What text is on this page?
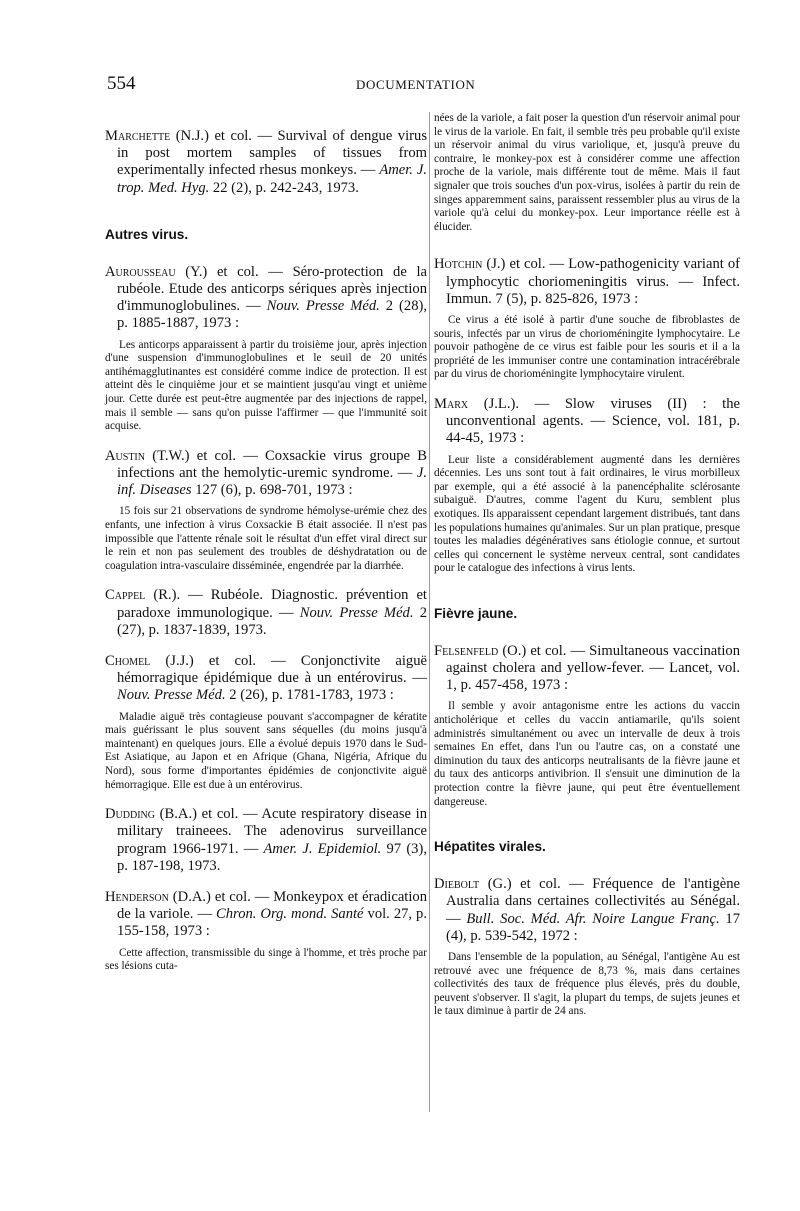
554	DOCUMENTATION

Marchette (N.J.) et col. — Survival of dengue virus in post mortem samples of tissues from experimentally infected rhesus monkeys. — Amer. J. trop. Med. Hyg. 22 (2), p. 242-243, 1973.

Autres virus.

Aurousseau (Y.) et col. — Séro-protection de la rubéole. Etude des anticorps sériques après injection d'immunoglobulines. — Nouv. Presse Méd. 2 (28), p. 1885-1887, 1973 :

Les anticorps apparaissent à partir du troisième jour, après injection d'une suspension d'immunoglobulines et le seuil de 20 unités antihémagglutinantes est considéré comme indice de protection. Il est atteint dès le cinquième jour et se maintient jusqu'au vingt et unième jour. Cette durée est peut-être augmentée par des injections de rappel, mais il semble — sans qu'on puisse l'affirmer — que l'immunité soit acquise.

Austin (T.W.) et col. — Coxsackie virus groupe B infections ant the hemolytic-uremic syndrome. — J. inf. Diseases 127 (6), p. 698-701, 1973 :

15 fois sur 21 observations de syndrome hémolyse-urémie chez des enfants, une infection à virus Coxsackie B était associée. Il n'est pas impossible que l'attente rénale soit le résultat d'un effet viral direct sur le rein et non pas seulement des troubles de déshydratation ou de coagulation intra-vasculaire disséminée, engendrée par la diarrhée.

Cappel (R.). — Rubéole. Diagnostic. prévention et paradoxe immunologique. — Nouv. Presse Méd. 2 (27), p. 1837-1839, 1973.

Chomel (J.J.) et col. — Conjonctivite aiguë hémorragique épidémique due à un entérovirus. — Nouv. Presse Méd. 2 (26), p. 1781-1783, 1973 :

Maladie aiguë très contagieuse pouvant s'accompagner de kératite mais guérissant le plus souvent sans séquelles (du moins jusqu'à maintenant) en quelques jours. Elle a évolué depuis 1970 dans le Sud-Est Asiatique, au Japon et en Afrique (Ghana, Nigéria, Afrique du Nord), sous forme d'importantes épidémies de conjonctivite aiguë hémorragique. Elle est due à un entérovirus.

Dudding (B.A.) et col. — Acute respiratory disease in military traineees. The adenovirus surveillance program 1966-1971. — Amer. J. Epidemiol. 97 (3), p. 187-198, 1973.

Henderson (D.A.) et col. — Monkeypox et éradication de la variole. — Chron. Org. mond. Santé vol. 27, p. 155-158, 1973 :

Cette affection, transmissible du singe à l'homme, et très proche par ses lésions cuta-

nées de la variole, a fait poser la question d'un réservoir animal pour le virus de la variole. En fait, il semble très peu probable qu'il existe un réservoir animal du virus variolique, et, jusqu'à preuve du contraire, le monkey-pox est à considérer comme une affection proche de la variole, mais différente tout de même. Mais il faut signaler que trois souches d'un pox-virus, isolées à partir du rein de singes apparemment sains, paraissent ressembler plus au virus de la variole qu'à celui du monkey-pox. Leur importance réelle est à élucider.

Hotchin (J.) et col. — Low-pathogenicity variant of lymphocytic choriomeningitis virus. — Infect. Immun. 7 (5), p. 825-826, 1973 :

Ce virus a été isolé à partir d'une souche de fibroblastes de souris, infectés par un virus de chorioméningite lymphocytaire. Le pouvoir pathogène de ce virus est faible pour les souris et il a la propriété de les immuniser contre une contamination intracérébrale par du virus de chorioméningite lymphocytaire virulent.

Marx (J.L.). — Slow viruses (II) : the unconventional agents. — Science, vol. 181, p. 44-45, 1973 :

Leur liste a considérablement augmenté dans les dernières décennies. Les uns sont tout à fait ordinaires, le virus morbilleux par exemple, qui a été associé à la panencéphalite sclérosante subaiguë. D'autres, comme l'agent du Kuru, semblent plus exotiques. Ils apparaissent cependant largement distribués, tant dans les populations humaines qu'animales. Sur un plan pratique, presque toutes les maladies dégénératives sans étiologie connue, et surtout celles qui concernent le système nerveux central, sont candidates pour le catalogue des infections à virus lents.

Fièvre jaune.

Felsenfeld (O.) et col. — Simultaneous vaccination against cholera and yellow-fever. — Lancet, vol. 1, p. 457-458, 1973 :

Il semble y avoir antagonisme entre les actions du vaccin anticholérique et celles du vaccin antiamarile, qu'ils soient administrés simultanément ou avec un intervalle de deux à trois semaines En effet, dans l'un ou l'autre cas, on a constaté une diminution du taux des anticorps neutralisants de la fièvre jaune et du taux des anticorps antivibrion. Il s'ensuit une diminution de la protection contre la fièvre jaune, qui peut être éventuellement dangereuse.

Hépatites virales.

Diebolt (G.) et col. — Fréquence de l'antigène Australia dans certaines collectivités au Sénégal. — Bull. Soc. Méd. Afr. Noire Langue Franç. 17 (4), p. 539-542, 1972 :

Dans l'ensemble de la population, au Sénégal, l'antigène Au est retrouvé avec une fréquence de 8,73 %, mais dans certaines collectivités des taux de fréquence plus élevés, près du double, peuvent s'observer. Il s'agit, la plupart du temps, de sujets jeunes et le taux diminue à partir de 24 ans.
